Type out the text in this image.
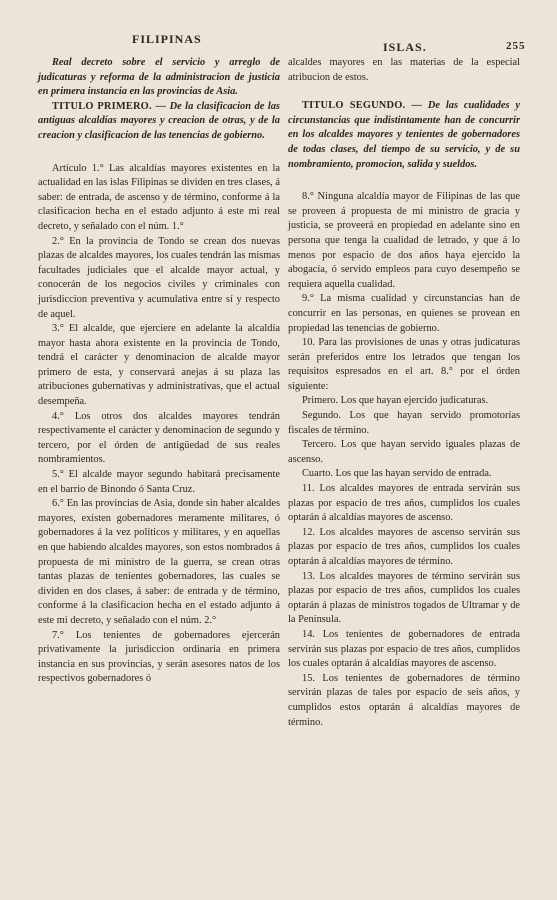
FILIPINAS
ISLAS.	255

Real decreto sobre el servicio y arreglo de judicaturas y reforma de la administracion de justicia en primera instancia en las provincias de Asia.

TITULO PRIMERO. — De la clasificacion de las antiguas alcaldías mayores y creacion de otras, y de la creacion y clasificacion de las tenencias de gobierno.

Artículo 1.° Las alcaldías mayores existentes en la actualidad en las islas Filipinas se dividen en tres clases, á saber: de entrada, de ascenso y de término, conforme á la clasificacion hecha en el estado adjunto á este mi real decreto, y señalado con el núm. 1.°

2.° En la provincia de Tondo se crean dos nuevas plazas de alcaldes mayores, los cuales tendrán las mismas facultades judiciales que el alcalde mayor actual, y conocerán de los negocios civiles y criminales con jurisdiccion preventiva y acumulativa entre sí y respecto de aquel.

3.° El alcalde, que ejerciere en adelante la alcaldía mayor hasta ahora existente en la provincia de Tondo, tendrá el carácter y denominacion de alcalde mayor primero de esta, y conservará anejas á su plaza las atribuciones gubernativas y administrativas, que el actual desempeña.

4.° Los otros dos alcaldes mayores tendrán respectivamente el carácter y denominacion de segundo y tercero, por el órden de antigüedad de sus reales nombramientos.

5.° El alcalde mayor segundo habitará precisamente en el barrio de Binondo ó Santa Cruz.

6.° En las provincias de Asia, donde sin haber alcaldes mayores, existen gobernadores meramente militares, ó gobernadores á la vez políticos y militares, y en aquellas en que habiendo alcaldes mayores, son estos nombrados á propuesta de mi ministro de la guerra, se crean otras tantas plazas de tenientes gobernadores, las cuales se dividen en dos clases, á saber: de entrada y de término, conforme á la clasificacion hecha en el estado adjunto á este mi decreto, y señalado con el núm. 2.°

7.° Los tenientes de gobernadores ejercerán privativamente la jurisdiccion ordinaria en primera instancia en sus provincias, y serán asesores natos de los respectivos gobernadores ó

alcaldes mayores en las materias de la especial atribucion de estos.

TITULO SEGUNDO. — De las cualidades y circunstancias que indistintamente han de concurrir en los alcaldes mayores y tenientes de gobernadores de todas clases, del tiempo de su servicio, y de su nombramiento, promocion, salida y sueldos.

8.° Ninguna alcaldía mayor de Filipinas de las que se proveen á propuesta de mi ministro de gracia y justicia, se proveerá en propiedad en adelante sino en persona que tenga la cualidad de letrado, y que á lo menos por espacio de dos años haya ejercido la abogacía, ó servido empleos para cuyo desempeño se requiera aquella cualidad.

9.° La misma cualidad y circunstancias han de concurrir en las personas, en quienes se provean en propiedad las tenencias de gobierno.

10. Para las provisiones de unas y otras judicaturas serán preferidos entre los letrados que tengan los requisitos espresados en el art. 8.° por el órden siguiente:

Primero. Los que hayan ejercido judicaturas.

Segundo. Los que hayan servido promotorías fiscales de término.

Tercero. Los que hayan servido iguales plazas de ascenso.

Cuarto. Los que las hayan servido de entrada.

11. Los alcaldes mayores de entrada servirán sus plazas por espacio de tres años, cumplidos los cuales optarán á alcaldías mayores de ascenso.

12. Los alcaldes mayores de ascenso servirán sus plazas por espacio de tres años, cumplidos los cuales optarán á alcaldías mayores de término.

13. Los alcaldes mayores de término servirán sus plazas por espacio de tres años, cumplidos los cuales optarán á plazas de ministros togados de Ultramar y de la Península.

14. Los tenientes de gobernadores de entrada servirán sus plazas por espacio de tres años, cumplidos los cuales optarán á alcaldías mayores de ascenso.

15. Los tenientes de gobernadores de término servirán plazas de tales por espacio de seis años, y cumplidos estos optarán á alcaldías mayores de término.
